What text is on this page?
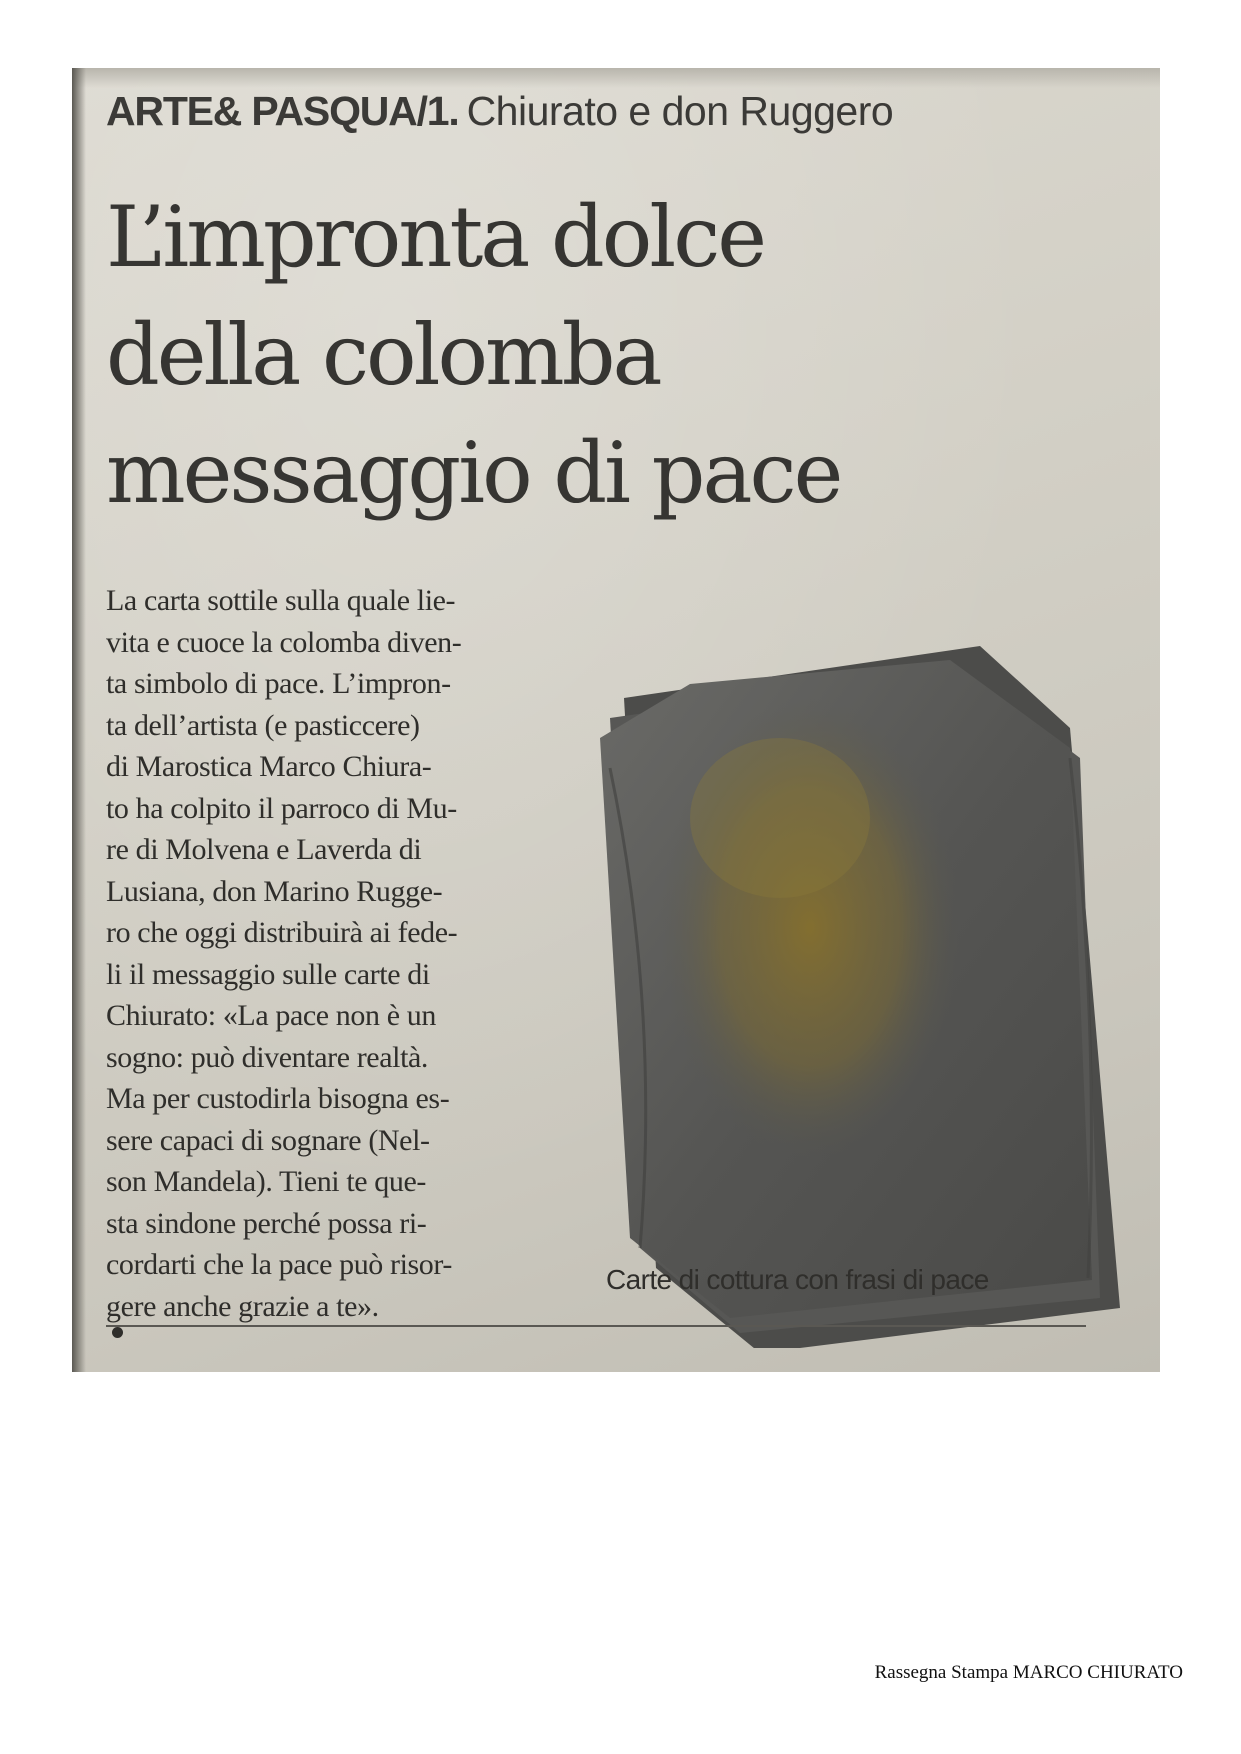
ARTE& PASQUA/1. Chiurato e don Ruggero
L’impronta dolce
della colomba
messaggio di pace

La carta sottile sulla quale lie-
vita e cuoce la colomba diven-
ta simbolo di pace. L’impron-
ta dell’artista (e pasticcere)
di Marostica Marco Chiura-
to ha colpito il parroco di Mu-
re di Molvena e Laverda di
Lusiana, don Marino Rugge-
ro che oggi distribuirà ai fede-
li il messaggio sulle carte di
Chiurato: «La pace non è un
sogno: può diventare realtà.
Ma per custodirla bisogna es-
sere capaci di sognare (Nel-
son Mandela). Tieni te que-
sta sindone perché possa ri-
cordarti che la pace può risor-
gere anche grazie a te».

Carte di cottura con frasi di pace
Rassegna Stampa MARCO CHIURATO
